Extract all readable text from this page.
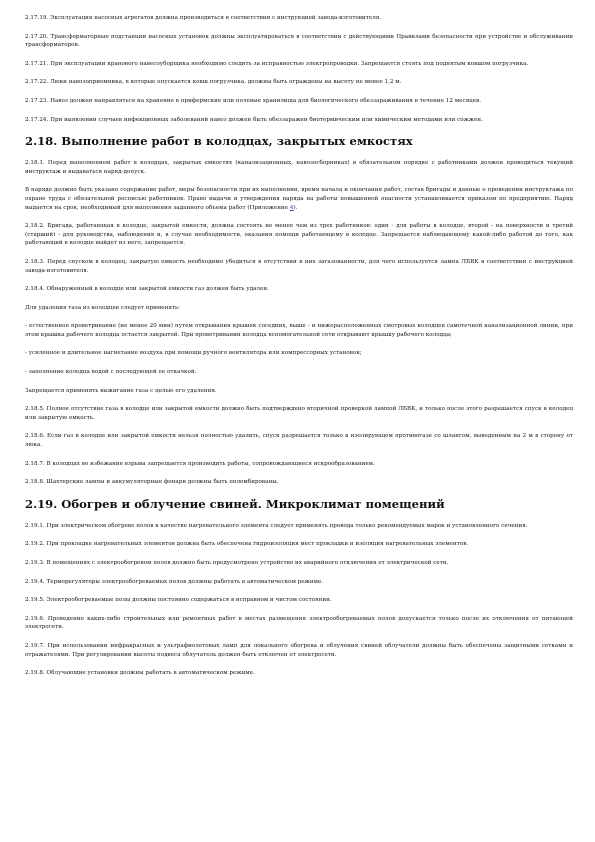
2.17.19. Эксплуатация насосных агрегатов должна производиться в соответствии с инструкцией завода-изготовителя.

2.17.20. Трансформаторные подстанции насосных установок должны эксплуатироваться в соответствии с действующими Правилами безопасности при устройстве и обслуживании трансформаторов.

2.17.21. При эксплуатации кранового навесоуборщика необходимо следить за исправностью электропроводки. Запрещается стоять под поднятым ковшом погрузчика.

2.17.22. Люки навозоприемника, в которые опускается ковш погрузчика, должны быть ограждены на высоту не менее 1,2 м.

2.17.23. Навоз должен направляться на хранение в прифермские или полевые хранилища для биологического обеззараживания в течение 12 месяцев.

2.17.24. При выявлении случаев инфекционных заболеваний навоз должен быть обеззаражен биотермическим или химическим методами или сожжен.

2.18. Выполнение работ в колодцах, закрытых емкостях

2.18.1. Перед выполнением работ в колодцах, закрытых емкостях (канализационных, навозосборниках) в обязательном порядке с работниками должен проводиться текущий инструктаж и выдаваться наряд-допуск.

В наряде должно быть указано содержание работ, меры безопасности при их выполнении, время начала и окончания работ, состав бригады и данные о проведении инструктажа по охране труда с обязательной росписью работников. Право выдачи и утверждения наряда на работы повышенной опасности устанавливается приказом по предприятию. Наряд выдается на срок, необходимый для выполнения заданного объема работ (Приложение 4).

2.18.2. Бригада, работающая в колодце, закрытой емкости, должна состоять не менее чем из трех работников: один - для работы в колодце, второй - на поверхности и третий (старший) - для руководства, наблюдения и, в случае необходимости, оказания помощи работающему в колодце. Запрещается наблюдающему какой-либо работой до того, как работающий в колодце выйдет из него, запрещается.

2.18.3. Перед спуском в колодец, закрытую емкость необходимо убедиться в отсутствии в них загазованности, для чего используется лампа ЛБВК в соответствии с инструкцией завода-изготовителя.

2.18.4. Обнаруженный в колодце или закрытой емкости газ должен быть удален.

Для удаления газа из колодцев следует применять:

- естественное проветривание (не менее 20 мин) путем открывания крышек соседних, выше - и нижерасположенных смотровых колодцев самотечной канализационной линии, при этом крышка рабочего колодца остается закрытой. При проветривании колодца вспомогательной сети открывают крышку рабочего колодца;

- усиленное и длительное нагнетание воздуха при помощи ручного вентилятора или компрессорных установок;

- заполнение колодца водой с последующей ее откачкой.

Запрещается применять выжигание газа с целью его удаления.

2.18.5. Полное отсутствие газа в колодце или закрытой емкости должно быть подтверждено вторичной проверкой лампой ЛБВК, и только после этого разрешается спуск в колодец или закрытую емкость.

2.18.6. Если газ в колодце или закрытой емкости нельзя полностью удалить, спуск разрешается только в изолирующем противогазе со шлангом, выведенным на 2 м в сторону от люка.

2.18.7. В колодцах во избежание взрыва запрещается производить работы, сопровождающиеся искрообразованием.

2.18.8. Шахтерские лампы и аккумуляторные фонари должны быть опломбированы.

2.19. Обогрев и облучение свиней. Микроклимат помещений

2.19.1. При электрическом обогреве полов в качестве нагревательного элемента следует применять провода только рекомендуемых марок и установленного сечения.

2.19.2. При прокладке нагревательных элементов должна быть обеспечена гидроизоляция мест прокладки и изоляция нагревательных элементов.

2.19.3. В помещениях с электрообогревом полов должно быть предусмотрено устройство их аварийного отключения от электрической сети.

2.19.4. Терморегуляторы электрообогреваемых полов должны работать в автоматическом режиме.

2.19.5. Электрообогреваемые полы должны постоянно содержаться в исправном и чистом состоянии.

2.19.6. Проведение каких-либо строительных или ремонтных работ в местах размещения электрообогреваемых полов допускается только после их отключения от питающей электросети.

2.19.7. При использовании инфракрасных и ультрафиолетовых ламп для локального обогрева и облучения свиней облучатели должны быть обеспечены защитными сетками и отражателями. При регулировании высоты подвеса облучатель должен быть отключен от электросети.

2.19.8. Облучающие установки должны работать в автоматическом режиме.
